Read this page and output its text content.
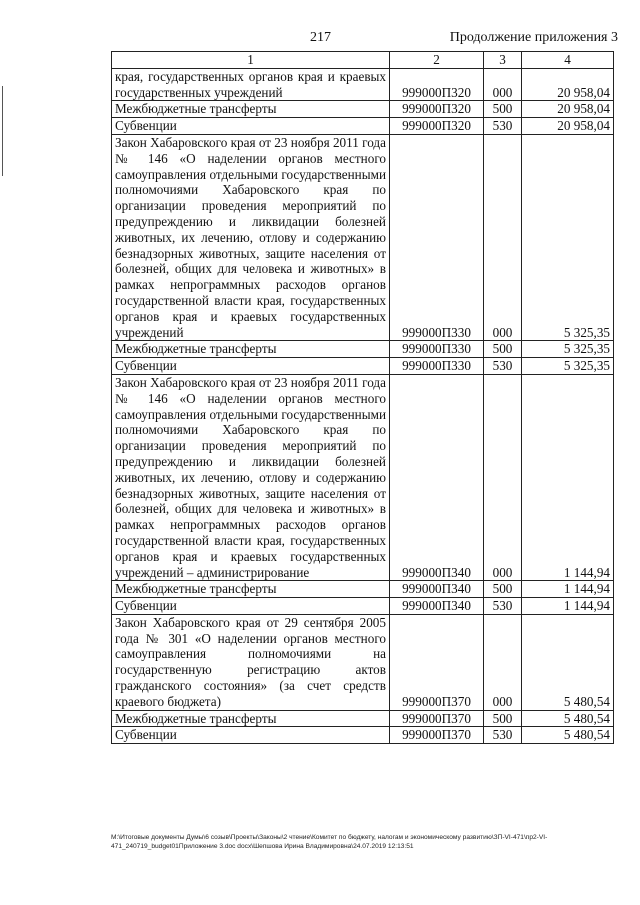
217	Продолжение приложения 3
1	2	3	4
края, государственных органов края и краевых государственных учреждений	999000П320	000	20 958,04
Межбюджетные трансферты	999000П320	500	20 958,04
Субвенции	999000П320	530	20 958,04
Закон Хабаровского края от 23 ноября 2011 года № 146 «О наделении органов местного самоуправления отдельными государственными полномочиями Хабаровского края по организации проведения мероприятий по предупреждению и ликвидации болезней животных, их лечению, отлову и содержанию безнадзорных животных, защите населения от болезней, общих для человека и животных» в рамках непрограммных расходов органов государственной власти края, государственных органов края и краевых государственных учреждений	999000П330	000	5 325,35
Межбюджетные трансферты	999000П330	500	5 325,35
Субвенции	999000П330	530	5 325,35
Закон Хабаровского края от 23 ноября 2011 года № 146 «О наделении органов местного самоуправления отдельными государственными полномочиями Хабаровского края по организации проведения мероприятий по предупреждению и ликвидации болезней животных, их лечению, отлову и содержанию безнадзорных животных, защите населения от болезней, общих для человека и животных» в рамках непрограммных расходов органов государственной власти края, государственных органов края и краевых государственных учреждений – администрирование	999000П340	000	1 144,94
Межбюджетные трансферты	999000П340	500	1 144,94
Субвенции	999000П340	530	1 144,94
Закон Хабаровского края от 29 сентября 2005 года № 301 «О наделении органов местного самоуправления полномочиями на государственную регистрацию актов гражданского состояния» (за счет средств краевого бюджета)	999000П370	000	5 480,54
Межбюджетные трансферты	999000П370	500	5 480,54
Субвенции	999000П370	530	5 480,54
M:\Итоговые документы Думы\6 созыв\Проекты\Законы\2 чтение\Комитет по бюджету, налогам и экономическому развитию\ЗП-VI-471\пр2-VI-
471_240719_budget01Приложение 3.doc docx\Шепшова Ирина Владимировна\24.07.2019 12:13:51
